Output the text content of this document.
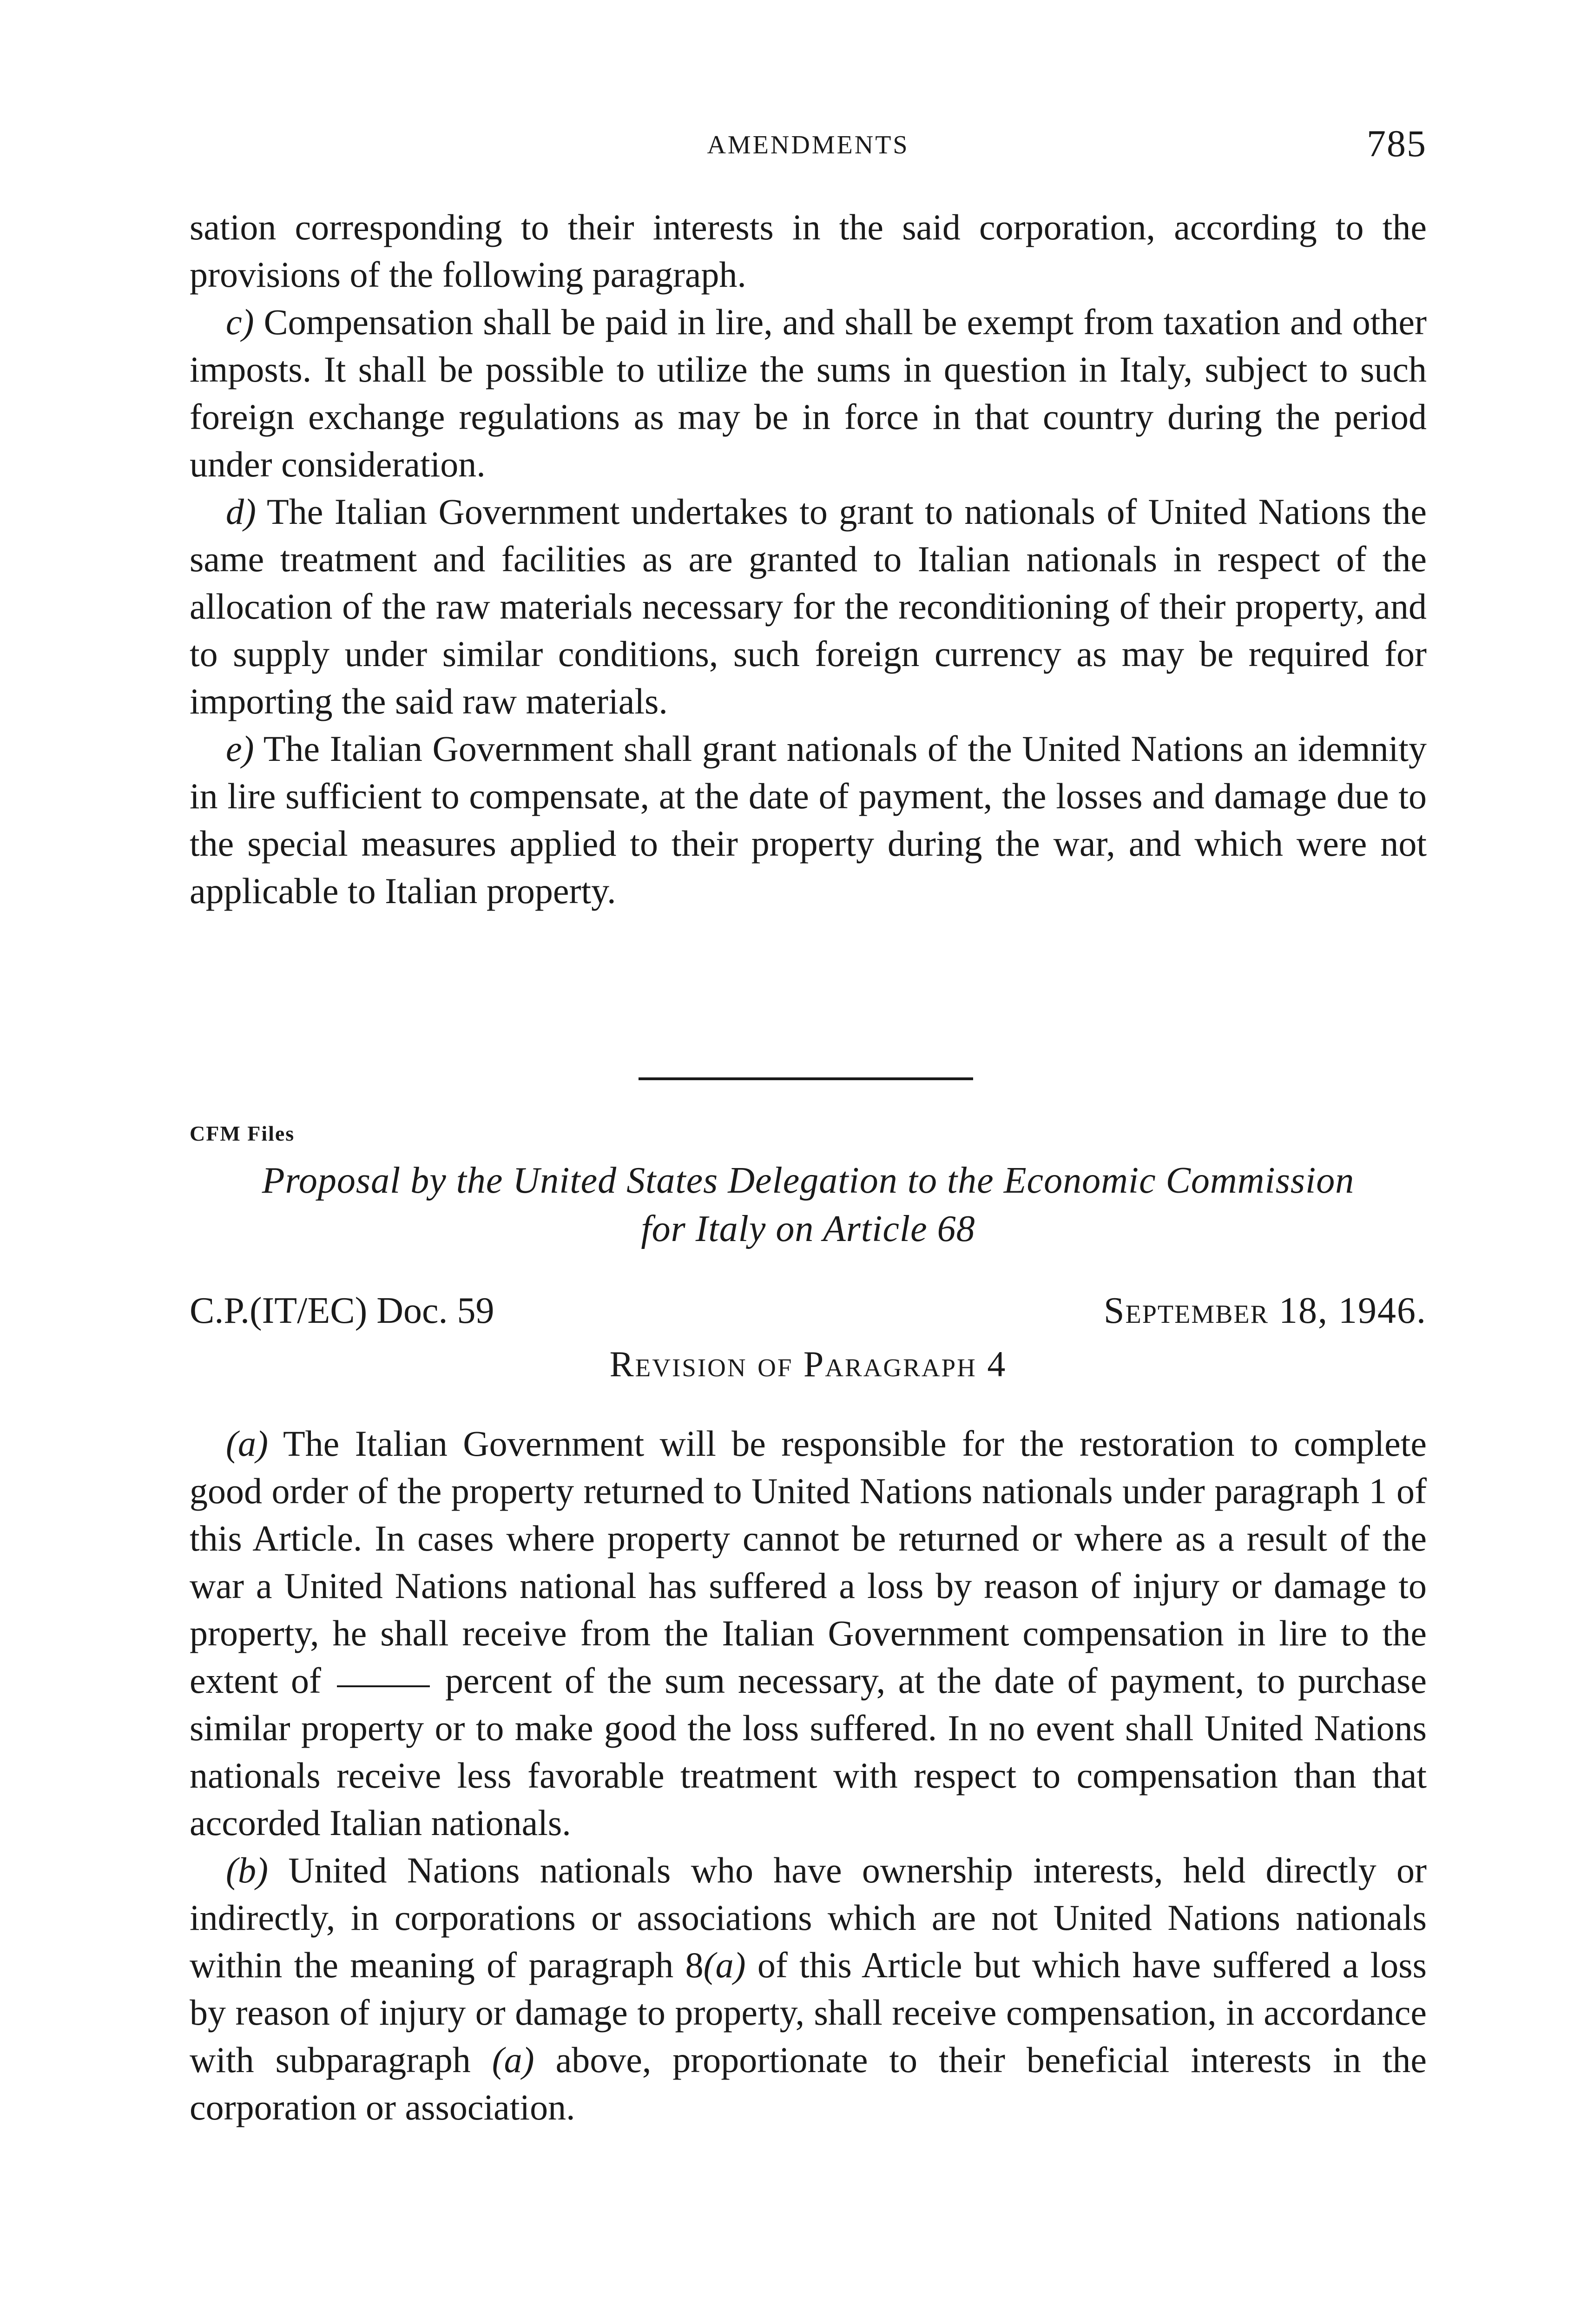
AMENDMENTS	785

sation corresponding to their interests in the said corporation, according to the provisions of the following paragraph.

c) Compensation shall be paid in lire, and shall be exempt from taxation and other imposts. It shall be possible to utilize the sums in question in Italy, subject to such foreign exchange regulations as may be in force in that country during the period under consideration.

d) The Italian Government undertakes to grant to nationals of United Nations the same treatment and facilities as are granted to Italian nationals in respect of the allocation of the raw materials necessary for the reconditioning of their property, and to supply under similar conditions, such foreign currency as may be required for importing the said raw materials.

e) The Italian Government shall grant nationals of the United Nations an idemnity in lire sufficient to compensate, at the date of payment, the losses and damage due to the special measures applied to their property during the war, and which were not applicable to Italian property.

CFM Files
Proposal by the United States Delegation to the Economic Commission for Italy on Article 68
C.P.(IT/EC) Doc. 59	September 18, 1946.
Revision of Paragraph 4

(a) The Italian Government will be responsible for the restoration to complete good order of the property returned to United Nations nationals under paragraph 1 of this Article. In cases where property cannot be returned or where as a result of the war a United Nations national has suffered a loss by reason of injury or damage to property, he shall receive from the Italian Government compensation in lire to the extent of	percent of the sum necessary, at the date of payment, to purchase similar property or to make good the loss suffered. In no event shall United Nations nationals receive less favorable treatment with respect to compensation than that accorded Italian nationals.

(b) United Nations nationals who have ownership interests, held directly or indirectly, in corporations or associations which are not United Nations nationals within the meaning of paragraph 8(a) of this Article but which have suffered a loss by reason of injury or damage to property, shall receive compensation, in accordance with subparagraph (a) above, proportionate to their beneficial interests in the corporation or association.
